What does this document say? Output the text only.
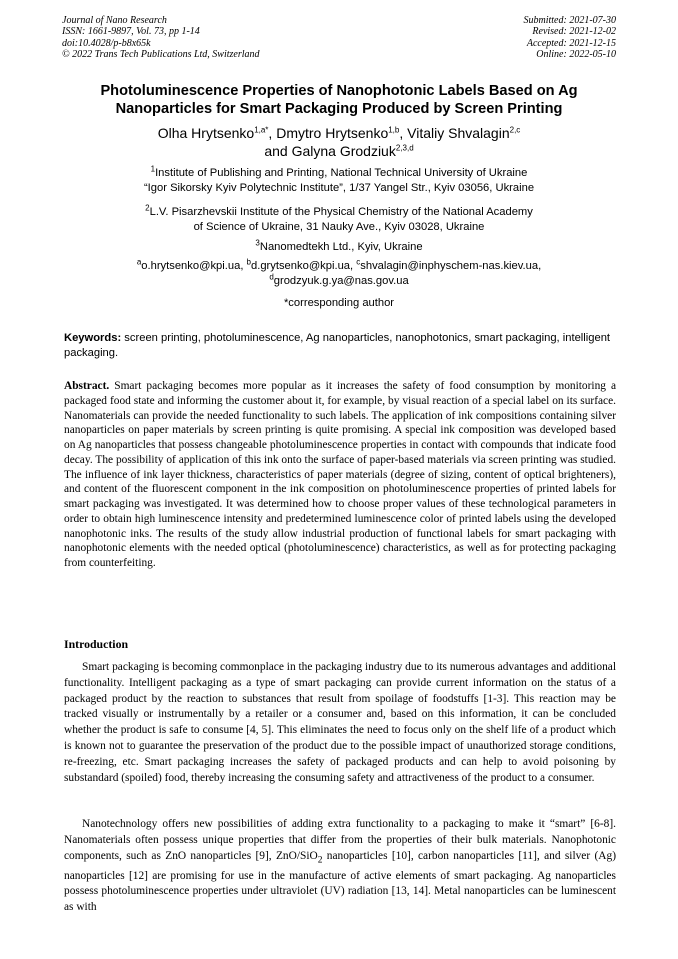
Journal of Nano Research
ISSN: 1661-9897, Vol. 73, pp 1-14
doi:10.4028/p-b8x65k
© 2022 Trans Tech Publications Ltd, Switzerland
Submitted: 2021-07-30
Revised: 2021-12-02
Accepted: 2021-12-15
Online: 2022-05-10
Photoluminescence Properties of Nanophotonic Labels Based on Ag Nanoparticles for Smart Packaging Produced by Screen Printing
Olha Hrytsenko$^{1,a*}$, Dmytro Hrytsenko$^{1,b}$, Vitaliy Shvalagin$^{2,c}$
and Galyna Grodziuk$^{2,3,d}$
$^1$Institute of Publishing and Printing, National Technical University of Ukraine
“Igor Sikorsky Kyiv Polytechnic Institute”, 1/37 Yangel Str., Kyiv 03056, Ukraine
$^2$L.V. Pisarzhevskii Institute of the Physical Chemistry of the National Academy
of Science of Ukraine, 31 Nauky Ave., Kyiv 03028, Ukraine
$^3$Nanomedtekh Ltd., Kyiv, Ukraine
$^a$o.hrytsenko@kpi.ua, $^b$d.grytsenko@kpi.ua, $^c$shvalagin@inphyschem-nas.kiev.ua,
$^d$grodzyuk.g.ya@nas.gov.ua
*corresponding author
Keywords: screen printing, photoluminescence, Ag nanoparticles, nanophotonics, smart packaging, intelligent packaging.
Abstract. Smart packaging becomes more popular as it increases the safety of food consumption by monitoring a packaged food state and informing the customer about it, for example, by visual reaction of a special label on its surface. Nanomaterials can provide the needed functionality to such labels. The application of ink compositions containing silver nanoparticles on paper materials by screen printing is quite promising. A special ink composition was developed based on Ag nanoparticles that possess changeable photoluminescence properties in contact with compounds that indicate food decay. The possibility of application of this ink onto the surface of paper-based materials via screen printing was studied. The influence of ink layer thickness, characteristics of paper materials (degree of sizing, content of optical brighteners), and content of the fluorescent component in the ink composition on photoluminescence properties of printed labels for smart packaging was investigated. It was determined how to choose proper values of these technological parameters in order to obtain high luminescence intensity and predetermined luminescence color of printed labels using the developed nanophotonic inks. The results of the study allow industrial production of functional labels for smart packaging with nanophotonic elements with the needed optical (photoluminescence) characteristics, as well as for protecting packaging from counterfeiting.
Introduction
Smart packaging is becoming commonplace in the packaging industry due to its numerous advantages and additional functionality. Intelligent packaging as a type of smart packaging can provide current information on the status of a packaged product by the reaction to substances that result from spoilage of foodstuffs [1-3]. This reaction may be tracked visually or instrumentally by a retailer or a consumer and, based on this information, it can be concluded whether the product is safe to consume [4, 5]. This eliminates the need to focus only on the shelf life of a product which is known not to guarantee the preservation of the product due to the possible impact of unauthorized storage conditions, re-freezing, etc. Smart packaging increases the safety of packaged products and can help to avoid poisoning by substandard (spoiled) food, thereby increasing the consuming safety and attractiveness of the product to a consumer.
Nanotechnology offers new possibilities of adding extra functionality to a packaging to make it “smart” [6-8]. Nanomaterials often possess unique properties that differ from the properties of their bulk materials. Nanophotonic components, such as ZnO nanoparticles [9], ZnO/SiO$_2$ nanoparticles [10], carbon nanoparticles [11], and silver (Ag) nanoparticles [12] are promising for use in the manufacture of active elements of smart packaging. Ag nanoparticles possess photoluminescence properties under ultraviolet (UV) radiation [13, 14]. Metal nanoparticles can be luminescent as with
